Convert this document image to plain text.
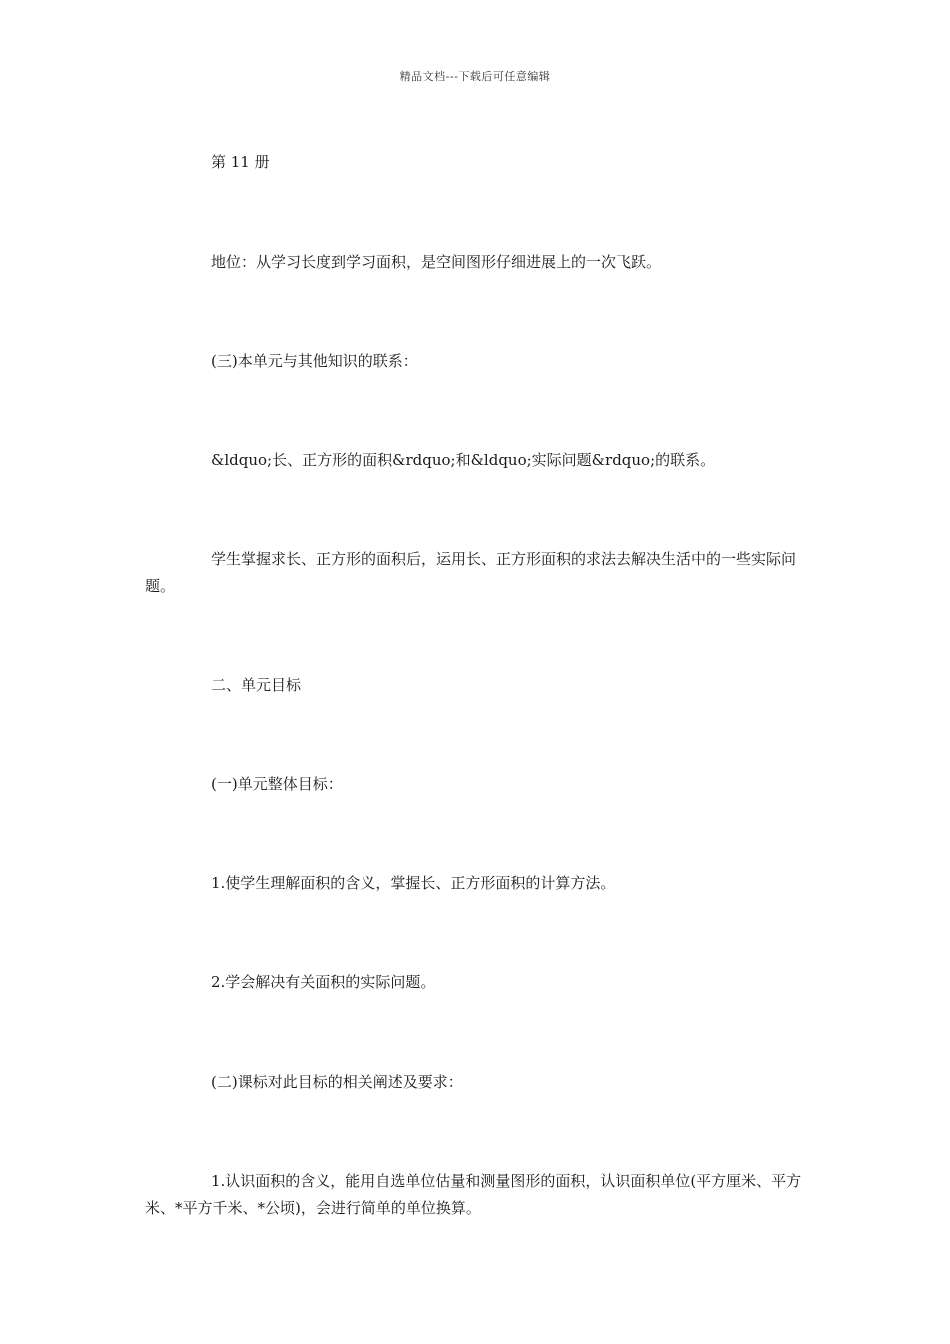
精品文档---下载后可任意编辑

第 11 册

地位：从学习长度到学习面积，是空间图形仔细进展上的一次飞跃。

(三)本单元与其他知识的联系：

&ldquo;长、正方形的面积&rdquo;和&ldquo;实际问题&rdquo;的联系。

学生掌握求长、正方形的面积后，运用长、正方形面积的求法去解决生活中的一些实际问题。

二、单元目标

(一)单元整体目标：

1.使学生理解面积的含义，掌握长、正方形面积的计算方法。

2.学会解决有关面积的实际问题。

(二)课标对此目标的相关阐述及要求：

1.认识面积的含义，能用自选单位估量和测量图形的面积，认识面积单位(平方厘米、平方米、*平方千米、*公顷)，会进行简单的单位换算。
